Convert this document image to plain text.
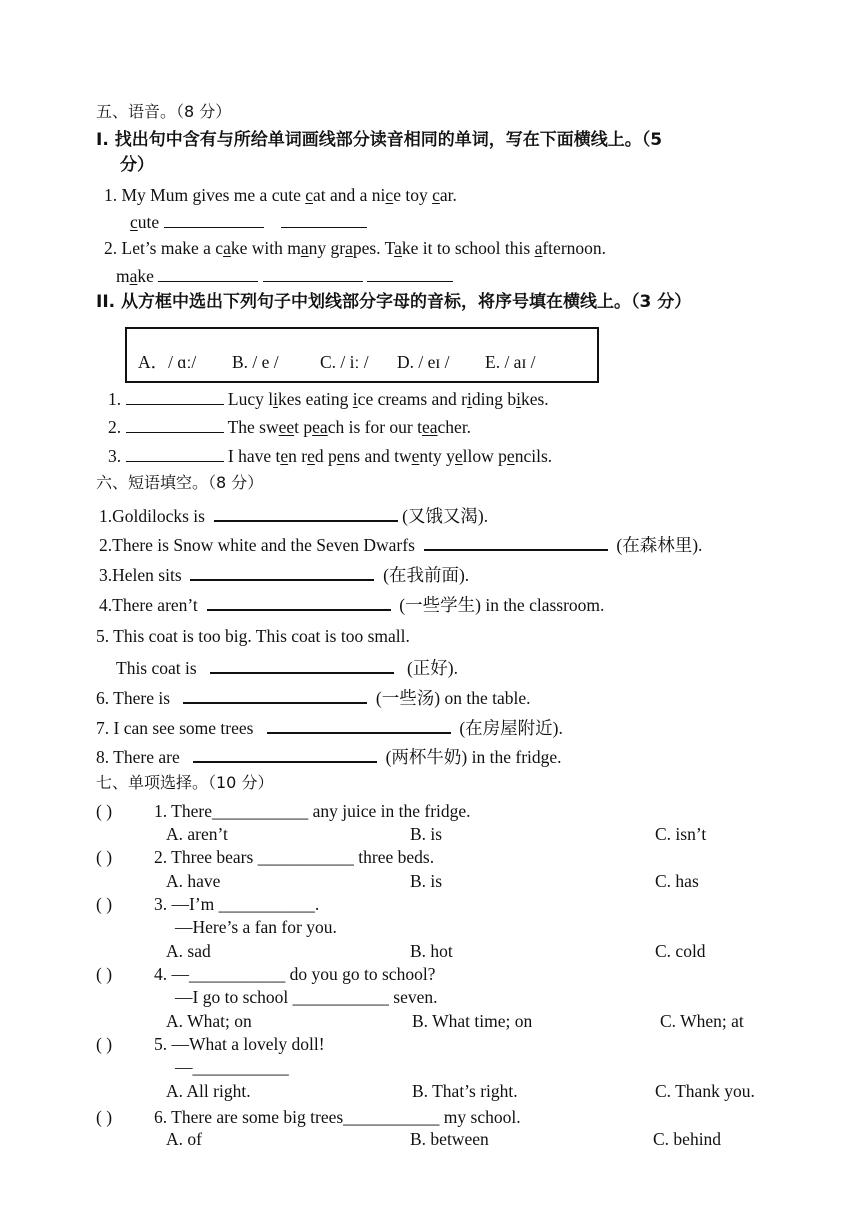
五、语音。（8 分）
I. 找出句中含有与所给单词画线部分读音相同的单词，写在下面横线上。（5
分）
1. My Mum gives me a cute cat and a nice toy car.
cute
2. Let’s make a cake with many grapes. Take it to school this afternoon.
make
II. 从方框中选出下列句子中划线部分字母的音标，将序号填在横线上。（3 分）
A．/ ɑː/ B. / e / C. / iː / D. / eɪ / E. / aɪ /
1.	Lucy likes eating ice creams and riding bikes.
2.	The sweet peach is for our teacher.
3.	I have ten red pens and twenty yellow pencils.
六、短语填空。（8 分）
1.Goldilocks is	(又饿又渴).
2.There is Snow white and the Seven Dwarfs	(在森林里).
3.Helen sits	(在我前面).
4.There aren’t	(一些学生) in the classroom.
5. This coat is too big. This coat is too small.
This coat is	(正好).
6. There is	(一些汤) on the table.
7. I can see some trees	(在房屋附近).
8. There are	(两杯牛奶) in the fridge.
七、单项选择。（10 分）
( ) 1. There___________ any juice in the fridge.
A. aren’t	B. is	C. isn’t
( ) 2. Three bears ___________ three beds.
A. have	B. is	C. has
( ) 3. —I’m ___________.
—Here’s a fan for you.
A. sad	B. hot	C. cold
( ) 4. —___________ do you go to school?
—I go to school ___________ seven.
A. What; on	B. What time; on	C. When; at
( ) 5. —What a lovely doll!
—___________
A. All right.	B. That’s right.	C. Thank you.
( ) 6. There are some big trees___________ my school.
A. of	B. between	C. behind
